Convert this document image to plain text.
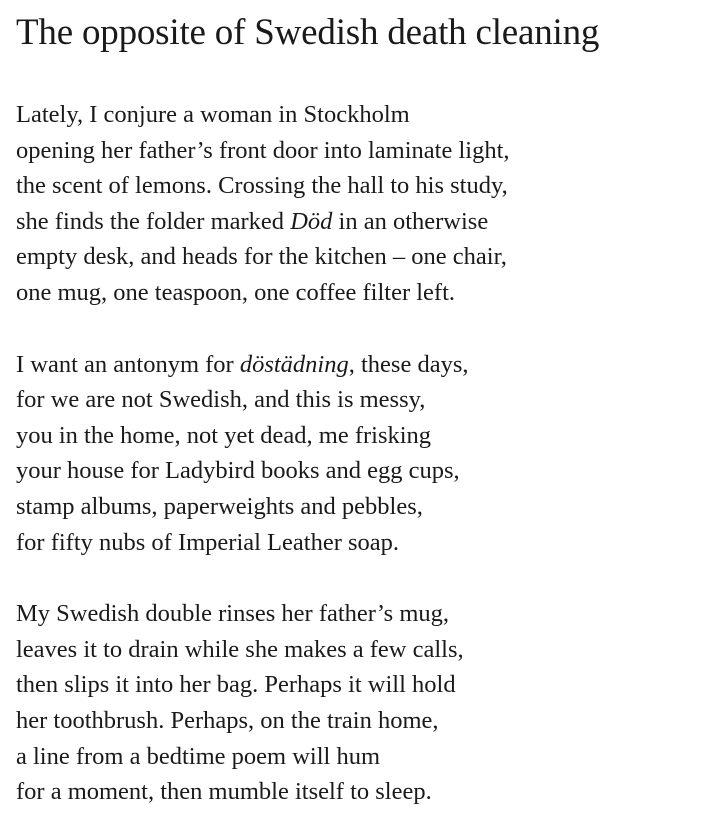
The opposite of Swedish death cleaning
Lately, I conjure a woman in Stockholm
opening her father’s front door into laminate light,
the scent of lemons. Crossing the hall to his study,
she finds the folder marked Död in an otherwise
empty desk, and heads for the kitchen – one chair,
one mug, one teaspoon, one coffee filter left.
I want an antonym for döstädning, these days,
for we are not Swedish, and this is messy,
you in the home, not yet dead, me frisking
your house for Ladybird books and egg cups,
stamp albums, paperweights and pebbles,
for fifty nubs of Imperial Leather soap.
My Swedish double rinses her father’s mug,
leaves it to drain while she makes a few calls,
then slips it into her bag. Perhaps it will hold
her toothbrush. Perhaps, on the train home,
a line from a bedtime poem will hum
for a moment, then mumble itself to sleep.
